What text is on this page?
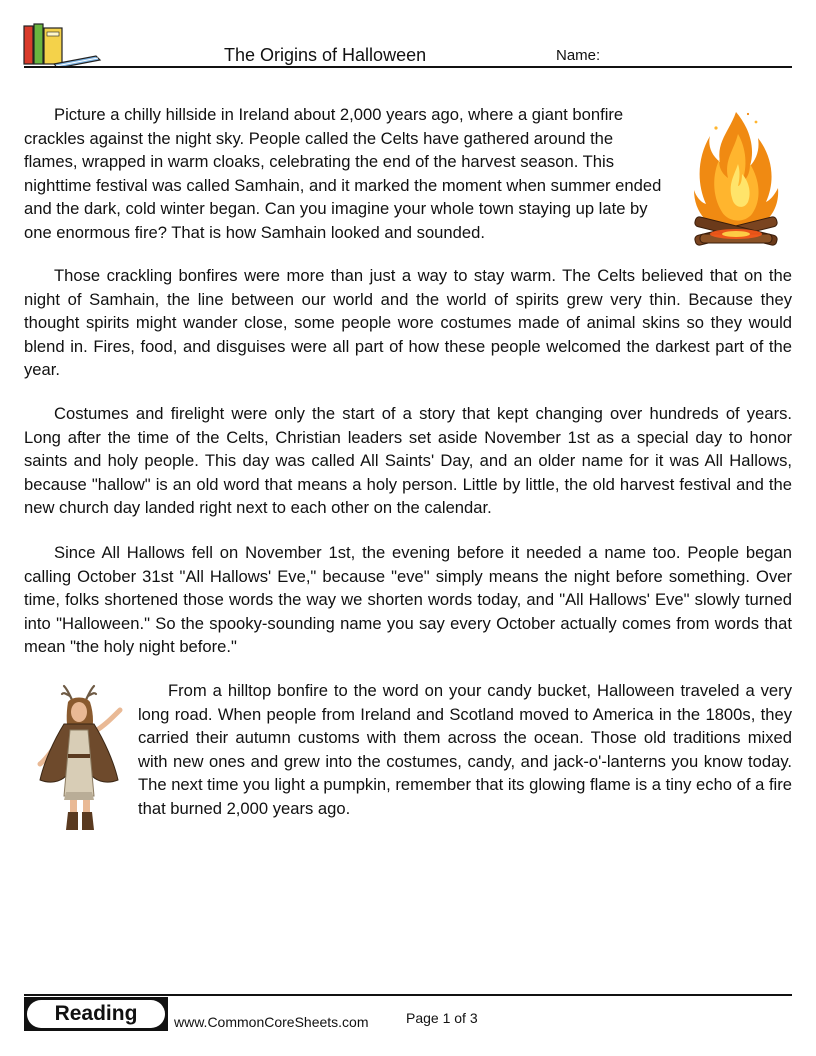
The Origins of Halloween	Name:

Picture a chilly hillside in Ireland about 2,000 years ago, where a giant bonfire crackles against the night sky. People called the Celts have gathered around the flames, wrapped in warm cloaks, celebrating the end of the harvest season. This nighttime festival was called Samhain, and it marked the moment when summer ended and the dark, cold winter began. Can you imagine your whole town staying up late by one enormous fire? That is how Samhain looked and sounded.

Those crackling bonfires were more than just a way to stay warm. The Celts believed that on the night of Samhain, the line between our world and the world of spirits grew very thin. Because they thought spirits might wander close, some people wore costumes made of animal skins so they would blend in. Fires, food, and disguises were all part of how these people welcomed the darkest part of the year.

Costumes and firelight were only the start of a story that kept changing over hundreds of years. Long after the time of the Celts, Christian leaders set aside November 1st as a special day to honor saints and holy people. This day was called All Saints' Day, and an older name for it was All Hallows, because "hallow" is an old word that means a holy person. Little by little, the old harvest festival and the new church day landed right next to each other on the calendar.

Since All Hallows fell on November 1st, the evening before it needed a name too. People began calling October 31st "All Hallows' Eve," because "eve" simply means the night before something. Over time, folks shortened those words the way we shorten words today, and "All Hallows' Eve" slowly turned into "Halloween." So the spooky-sounding name you say every October actually comes from words that mean "the holy night before."

From a hilltop bonfire to the word on your candy bucket, Halloween traveled a very long road. When people from Ireland and Scotland moved to America in the 1800s, they carried their autumn customs with them across the ocean. Those old traditions mixed with new ones and grew into the costumes, candy, and jack-o'-lanterns you know today. The next time you light a pumpkin, remember that its glowing flame is a tiny echo of a fire that burned 2,000 years ago.

Reading	www.CommonCoreSheets.com	Page 1 of 3
